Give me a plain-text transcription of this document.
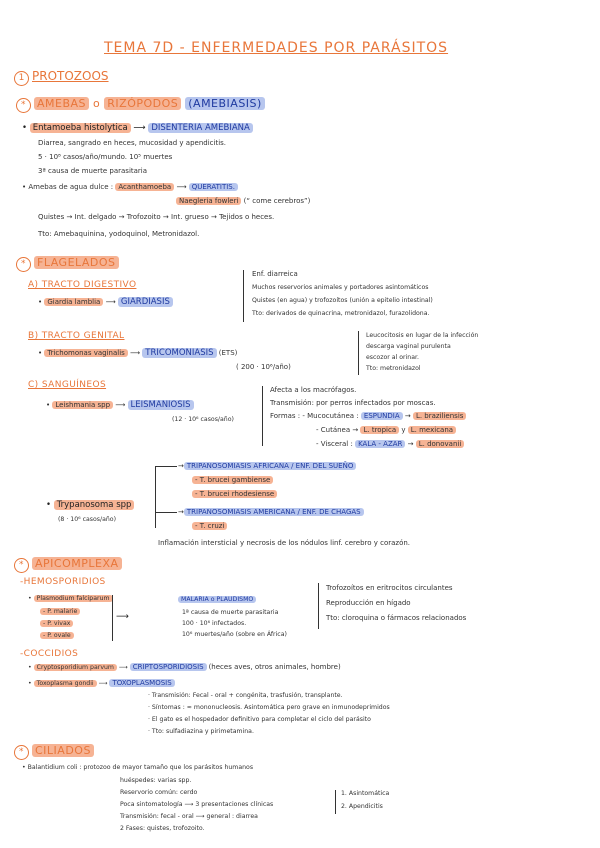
TEMA 7D - ENFERMEDADES POR PARÁSITOS
1 PROTOZOOS
* AMEBAS o RIZÓPODOS (AMEBIASIS)
• Entamoeba histolytica ⟶ DISENTERIA AMEBIANA
Diarrea, sangrado en heces, mucosidad y apendicitis.
5 · 10⁸ casos/año/mundo. 10⁵ muertes
3ª causa de muerte parasitaria
• Amebas de agua dulce : Acanthamoeba ⟶ QUERATITIS.
Naegleria fowleri (“ come cerebros”)
Quistes → Int. delgado → Trofozoito → Int. grueso → Tejidos o heces.
Tto: Amebaquinina, yodoquinol, Metronidazol.
* FLAGELADOS
A) TRACTO DIGESTIVO
• Giardia lamblia ⟶ GIARDIASIS
Enf. diarreica
Muchos reservorios animales y portadores asintomáticos
Quistes (en agua) y trofozoítos (unión a epitelio intestinal)
Tto: derivados de quinacrina, metronidazol, furazolidona.
B) TRACTO GENITAL
• Trichomonas vaginalis ⟶ TRICOMONIASIS (ETS)
( 200 · 10⁶/año)
Leucocitosis en lugar de la infección
descarga vaginal purulenta
escozor al orinar.
Tto: metronidazol
C) SANGUÍNEOS
• Leishmania spp ⟶ LEISMANIOSIS
(12 · 10⁶ casos/año)
Afecta a los macrófagos.
Transmisión: por perros infectados por moscas.
Formas : - Mucocutánea : ESPUNDIA → L. braziliensis
- Cutánea → L. tropica y L. mexicana
- Visceral : KALA - AZAR → L. donovanii
• Trypanosoma spp
(8 · 10⁶ casos/año)
→ TRIPANOSOMIASIS AFRICANA / ENF. DEL SUEÑO
- T. brucei gambiense
- T. brucei rhodesiense
→ TRIPANOSOMIASIS AMERICANA / ENF. DE CHAGAS
- T. cruzi
Inflamación intersticial y necrosis de los nódulos linf. cerebro y corazón.
* APICOMPLEXA
-HEMOSPORIDIOS
• Plasmodium falciparum
- P. malarie
- P. vivax
- P. ovale
⟶
MALARIA o PLAUDISMO
1ª causa de muerte parasitaria
100 · 10⁶ infectados.
10⁶ muertes/año (sobre en África)
Trofozoítos en eritrocitos circulantes
Reproducción en hígado
Tto: cloroquina o fármacos relacionados
-COCCIDIOS
• Cryptosporidium parvum ⟶ CRIPTOSPORIDIOSIS (heces aves, otros animales, hombre)
• Toxoplasma gondii ⟶ TOXOPLASMOSIS
· Transmisión: Fecal - oral + congénita, trasfusión, transplante.
· Síntomas : ≈ mononucleosis. Asintomática pero grave en inmunodeprimidos
· El gato es el hospedador definitivo para completar el ciclo del parásito
· Tto: sulfadiazina y pirimetamina.
* CILIADOS
• Balantidium coli : protozoo de mayor tamaño que los parásitos humanos
huéspedes: varias spp.
Reservorio común: cerdo
Poca sintomatología ⟶ 3 presentaciones clínicas
1. Asintomática
2. Apendicitis
Transmisión: fecal - oral ⟶ general : diarrea
2 Fases: quistes, trofozoito.
